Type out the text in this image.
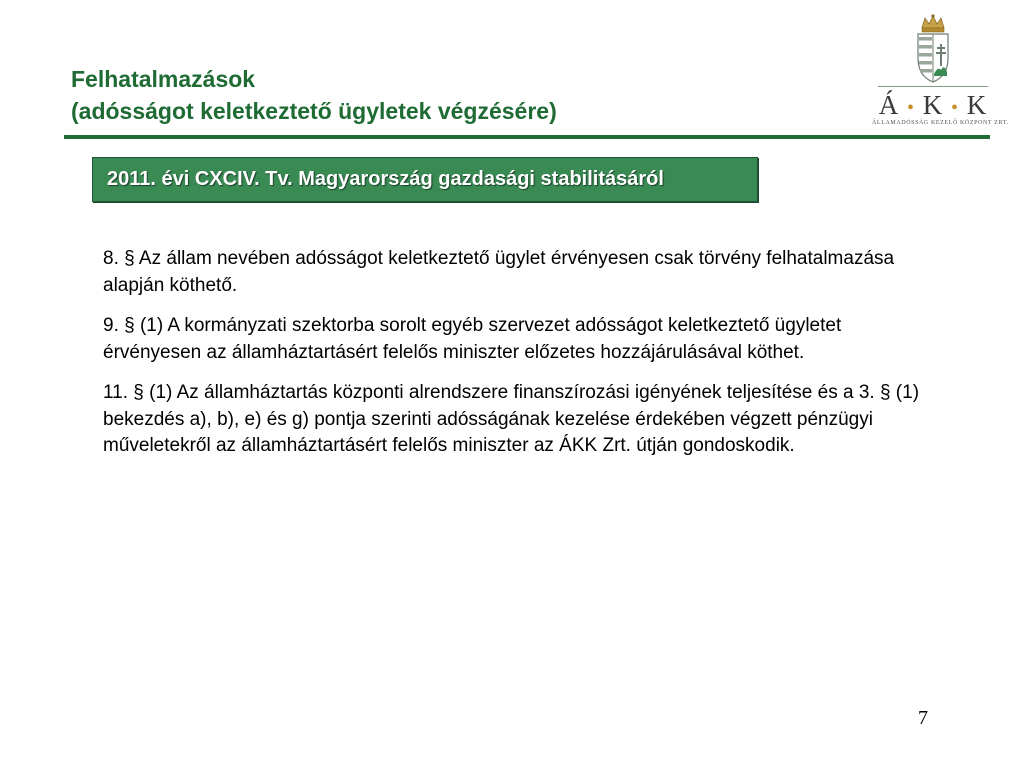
Felhatalmazások
(adósságot keletkeztető ügyletek végzésére)	Á • K • K
ÁLLAMADÓSSÁG KEZELŐ KÖZPONT ZRT.
2011. évi CXCIV. Tv. Magyarország gazdasági stabilitásáról

8. § Az állam nevében adósságot keletkeztető ügylet érvényesen csak törvény felhatalmazása alapján köthető.

9. § (1) A kormányzati szektorba sorolt egyéb szervezet adósságot keletkeztető ügyletet érvényesen az államháztartásért felelős miniszter előzetes hozzájárulásával köthet.

11. § (1) Az államháztartás központi alrendszere finanszírozási igényének teljesítése és a 3. § (1) bekezdés a), b), e) és g) pontja szerinti adósságának kezelése érdekében végzett pénzügyi műveletekről az államháztartásért felelős miniszter az ÁKK Zrt. útján gondoskodik.

7
